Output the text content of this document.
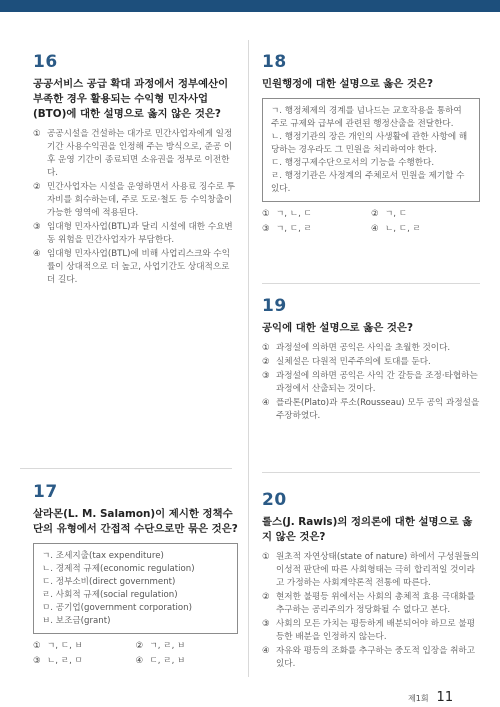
16
공공서비스 공급 확대 과정에서 정부예산이 부족한 경우 활용되는 수익형 민자사업(BTO)에 대한 설명으로 옳지 않은 것은?
① 공공시설을 건설하는 대가로 민간사업자에게 일정 기간 사용수익권을 인정해 주는 방식으로, 준공 이후 운영 기간이 종료되면 소유권을 정부로 이전한다.
② 민간사업자는 시설을 운영하면서 사용료 징수로 투자비를 회수하는데, 주로 도로·철도 등 수익창출이 가능한 영역에 적용된다.
③ 임대형 민자사업(BTL)과 달리 시설에 대한 수요변동 위험을 민간사업자가 부담한다.
④ 임대형 민자사업(BTL)에 비해 사업리스크와 수익률이 상대적으로 더 높고, 사업기간도 상대적으로 더 길다.
17
살라몬(L. M. Salamon)이 제시한 정책수단의 유형에서 간접적 수단으로만 묶은 것은?
ㄱ. 조세지출(tax expenditure)
ㄴ. 경제적 규제(economic regulation)
ㄷ. 정부소비(direct government)
ㄹ. 사회적 규제(social regulation)
ㅁ. 공기업(government corporation)
ㅂ. 보조금(grant)
① ㄱ, ㄷ, ㅂ	② ㄱ, ㄹ, ㅂ
③ ㄴ, ㄹ, ㅁ	④ ㄷ, ㄹ, ㅂ
18
민원행정에 대한 설명으로 옳은 것은?
ㄱ. 행정체제의 경계를 넘나드는 교호작용을 통하여 주로 규제와 급부에 관련된 행정산출을 전달한다.
ㄴ. 행정기관의 장은 개인의 사생활에 관한 사항에 해당하는 경우라도 그 민원을 처리하여야 한다.
ㄷ. 행정구제수단으로서의 기능을 수행한다.
ㄹ. 행정기관은 사정계의 주체로서 민원을 제기할 수 있다.
① ㄱ, ㄴ, ㄷ	② ㄱ, ㄷ
③ ㄱ, ㄷ, ㄹ	④ ㄴ, ㄷ, ㄹ
19
공익에 대한 설명으로 옳은 것은?
① 과정설에 의하면 공익은 사익을 초월한 것이다.
② 실체설은 다원적 민주주의에 토대를 둔다.
③ 과정설에 의하면 공익은 사익 간 갈등을 조정·타협하는 과정에서 산출되는 것이다.
④ 플라톤(Plato)과 루소(Rousseau) 모두 공익 과정설을 주장하였다.
20
롤스(J. Rawls)의 정의론에 대한 설명으로 옳지 않은 것은?
① 원초적 자연상태(state of nature) 하에서 구성원들의 이성적 판단에 따른 사회형태는 극히 합리적일 것이라고 가정하는 사회계약론적 전통에 따른다.
② 현저한 불평등 위에서는 사회의 총체적 효용 극대화를 추구하는 공리주의가 정당화될 수 없다고 본다.
③ 사회의 모든 가치는 평등하게 배분되어야 하므로 불평등한 배분을 인정하지 않는다.
④ 자유와 평등의 조화를 추구하는 중도적 입장을 취하고 있다.
제1회 11
